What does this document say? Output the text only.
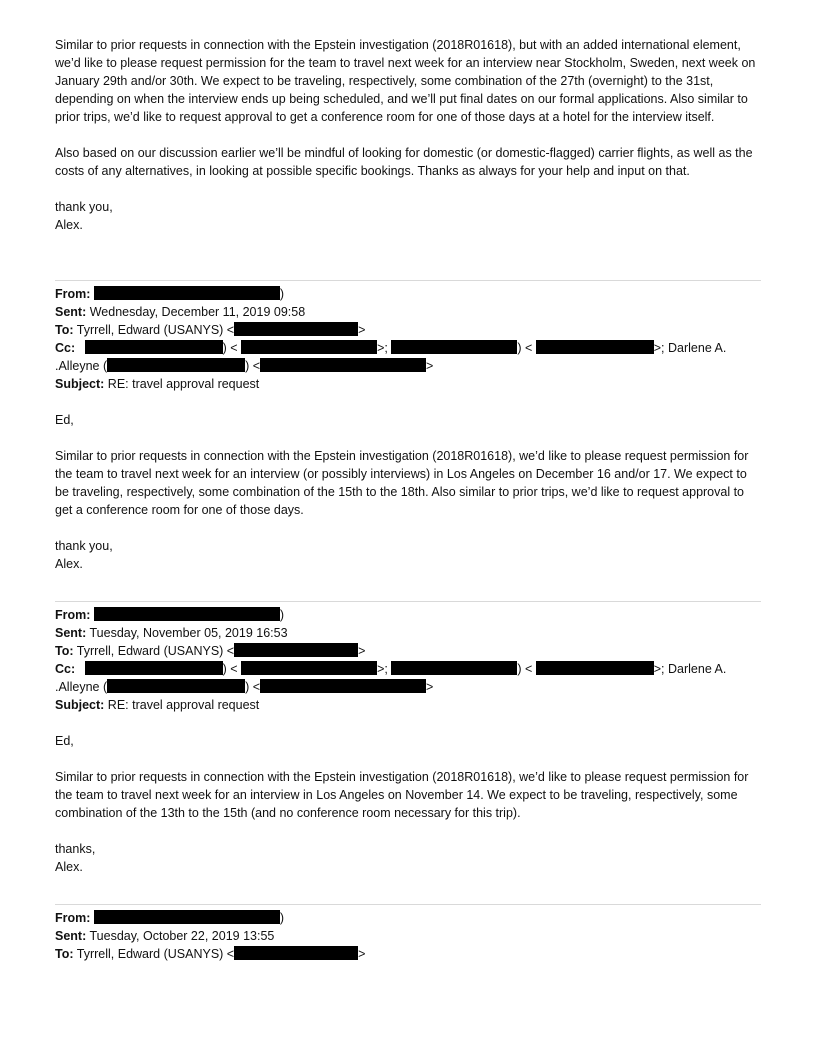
Similar to prior requests in connection with the Epstein investigation (2018R01618), but with an added international element, we’d like to please request permission for the team to travel next week for an interview near Stockholm, Sweden, next week on January 29th and/or 30th. We expect to be traveling, respectively, some combination of the 27th (overnight) to the 31st, depending on when the interview ends up being scheduled, and we’ll put final dates on our formal applications. Also similar to prior trips, we’d like to request approval to get a conference room for one of those days at a hotel for the interview itself.

Also based on our discussion earlier we’ll be mindful of looking for domestic (or domestic-flagged) carrier flights, as well as the costs of any alternatives, in looking at possible specific bookings. Thanks as always for your help and input on that.

thank you,

Alex.

From:	)
Sent: Wednesday, December 11, 2019 09:58
To: Tyrrell, Edward (USANYS) <	>
Cc:	) <	>;	) <	>; Darlene A.
.Alleyne (	) <	>
Subject: RE: travel approval request

Ed,

Similar to prior requests in connection with the Epstein investigation (2018R01618), we’d like to please request permission for the team to travel next week for an interview (or possibly interviews) in Los Angeles on December 16 and/or 17. We expect to be traveling, respectively, some combination of the 15th to the 18th. Also similar to prior trips, we’d like to request approval to get a conference room for one of those days.

thank you,

Alex.

From:	)
Sent: Tuesday, November 05, 2019 16:53
To: Tyrrell, Edward (USANYS) <	>
Cc:	) <	>;	) <	>; Darlene A.
.Alleyne (	) <	>
Subject: RE: travel approval request

Ed,

Similar to prior requests in connection with the Epstein investigation (2018R01618), we’d like to please request permission for the team to travel next week for an interview in Los Angeles on November 14. We expect to be traveling, respectively, some combination of the 13th to the 15th (and no conference room necessary for this trip).

thanks,

Alex.

From:	)
Sent: Tuesday, October 22, 2019 13:55
To: Tyrrell, Edward (USANYS) <	>
